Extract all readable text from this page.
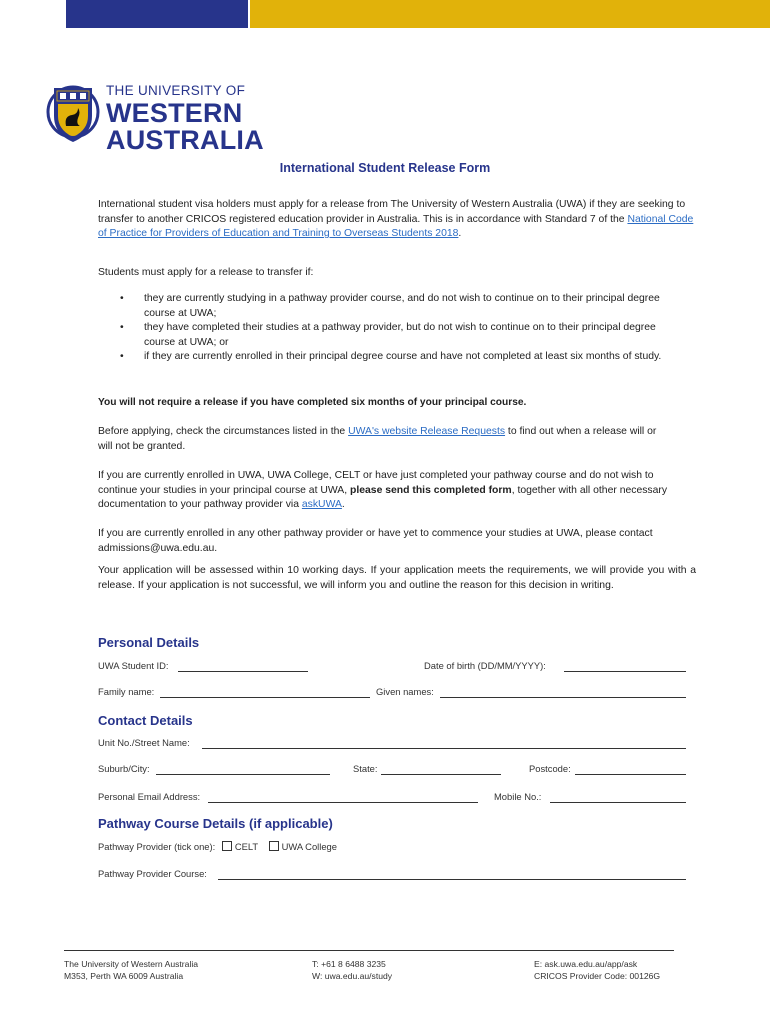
THE UNIVERSITY OF
WESTERN
AUSTRALIA
International Student Release Form

International student visa holders must apply for a release from The University of Western Australia (UWA) if they are seeking to transfer to another CRICOS registered education provider in Australia. This is in accordance with Standard 7 of the National Code of Practice for Providers of Education and Training to Overseas Students 2018.

Students must apply for a release to transfer if:
• they are currently studying in a pathway provider course, and do not wish to continue on to their principal degree course at UWA;
• they have completed their studies at a pathway provider, but do not wish to continue on to their principal degree course at UWA; or
• if they are currently enrolled in their principal degree course and have not completed at least six months of study.
You will not require a release if you have completed six months of your principal course.

Before applying, check the circumstances listed in the UWA's website Release Requests to find out when a release will or will not be granted.

If you are currently enrolled in UWA, UWA College, CELT or have just completed your pathway course and do not wish to continue your studies in your principal course at UWA, please send this completed form, together with all other necessary documentation to your pathway provider via askUWA.

If you are currently enrolled in any other pathway provider or have yet to commence your studies at UWA, please contact admissions@uwa.edu.au.
Your application will be assessed within 10 working days. If your application meets the requirements, we will provide you with a release. If your application is not successful, we will inform you and outline the reason for this decision in writing.
Personal Details
UWA Student ID:	Date of birth (DD/MM/YYYY):
Family name:	Given names:
Contact Details
Unit No./Street Name:
Suburb/City:	State:	Postcode:
Personal Email Address:	Mobile No.:
Pathway Course Details (if applicable)
Pathway Provider (tick one): CELT	UWA College
Pathway Provider Course:
The University of Western Australia
M353, Perth WA 6009 Australia
T: +61 8 6488 3235
W: uwa.edu.au/study
E: ask.uwa.edu.au/app/ask
CRICOS Provider Code: 00126G
